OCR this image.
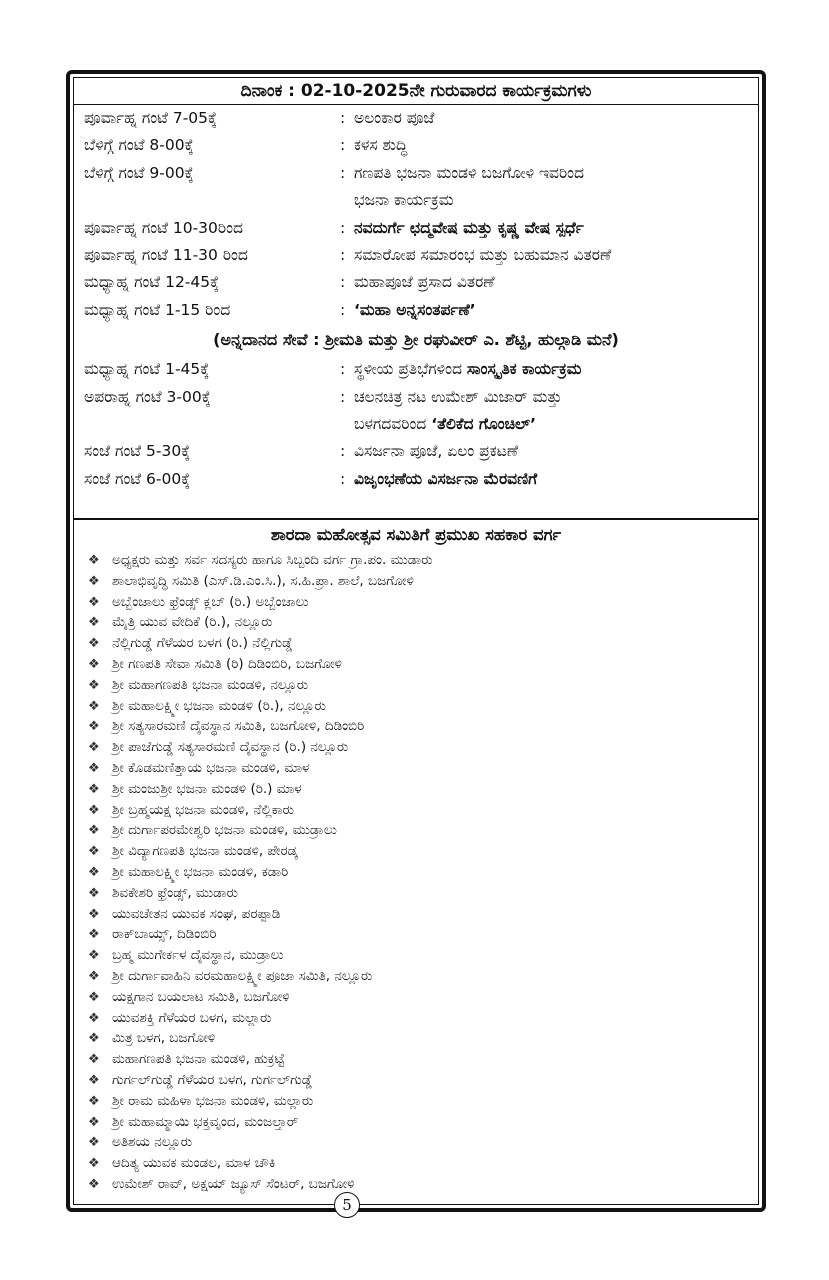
ದಿನಾಂಕ : 02-10-2025ನೇ ಗುರುವಾರದ ಕಾರ್ಯಕ್ರಮಗಳು
ಪೂರ್ವಾಹ್ನ ಗಂಟೆ 7-05ಕ್ಕೆ	: ಅಲಂಕಾರ ಪೂಜೆ
ಬೆಳಿಗ್ಗೆ ಗಂಟೆ 8-00ಕ್ಕೆ	: ಕಳಸ ಶುದ್ಧಿ
ಬೆಳಿಗ್ಗೆ ಗಂಟೆ 9-00ಕ್ಕೆ	: ಗಣಪತಿ ಭಜನಾ ಮಂಡಳಿ ಬಜಗೋಳಿ ಇವರಿಂದ
ಭಜನಾ ಕಾರ್ಯಕ್ರಮ
ಪೂರ್ವಾಹ್ನ ಗಂಟೆ 10-30ರಿಂದ	: ನವದುರ್ಗೆ ಛದ್ಮವೇಷ ಮತ್ತು ಕೃಷ್ಣ ವೇಷ ಸ್ಪರ್ಧೆ
ಪೂರ್ವಾಹ್ನ ಗಂಟೆ 11-30 ರಿಂದ	: ಸಮಾರೋಪ ಸಮಾರಂಭ ಮತ್ತು ಬಹುಮಾನ ವಿತರಣೆ
ಮಧ್ಯಾಹ್ನ ಗಂಟೆ 12-45ಕ್ಕೆ	: ಮಹಾಪೂಜೆ ಪ್ರಸಾದ ವಿತರಣೆ
ಮಧ್ಯಾಹ್ನ ಗಂಟೆ 1-15 ರಿಂದ	: ‘ಮಹಾ ಅನ್ನಸಂತರ್ಪಣೆ’
(ಅನ್ನದಾನದ ಸೇವೆ : ಶ್ರೀಮತಿ ಮತ್ತು ಶ್ರೀ ರಘುವೀರ್ ಎ. ಶೆಟ್ಟಿ, ಹುಲ್ಗಾಡಿ ಮನೆ)
ಮಧ್ಯಾಹ್ನ ಗಂಟೆ 1-45ಕ್ಕೆ	: ಸ್ಥಳೀಯ ಪ್ರತಿಭೆಗಳಿಂದ ಸಾಂಸ್ಕೃತಿಕ ಕಾರ್ಯಕ್ರಮ
ಅಪರಾಹ್ನ ಗಂಟೆ 3-00ಕ್ಕೆ	: ಚಲನಚಿತ್ರ ನಟ ಉಮೇಶ್ ಮಿಜಾರ್ ಮತ್ತು
ಬಳಗದವರಿಂದ ‘ತೆಲಿಕೆದ ಗೊಂಚಿಲ್’
ಸಂಜೆ ಗಂಟೆ 5-30ಕ್ಕೆ	: ವಿಸರ್ಜನಾ ಪೂಜೆ, ಏಲಂ ಪ್ರಕಟಣೆ
ಸಂಜೆ ಗಂಟೆ 6-00ಕ್ಕೆ	: ವಿಜೃಂಭಣೆಯ ವಿಸರ್ಜನಾ ಮೆರವಣಿಗೆ
ಶಾರದಾ ಮಹೋತ್ಸವ ಸಮಿತಿಗೆ ಪ್ರಮುಖ ಸಹಕಾರ ವರ್ಗ
❖ ಅಧ್ಯಕ್ಷರು ಮತ್ತು ಸರ್ವ ಸದಸ್ಯರು ಹಾಗೂ ಸಿಬ್ಬಂದಿ ವರ್ಗ ಗ್ರಾ.ಪಂ. ಮುಡಾರು
❖ ಶಾಲಾಭಿವೃದ್ಧಿ ಸಮಿತಿ (ಎಸ್.ಡಿ.ಎಂ.ಸಿ.), ಸ.ಹಿ.ಪ್ರಾ. ಶಾಲೆ, ಬಜಗೋಳಿ
❖ ಅಬ್ಬೆಂಜಾಲು ಫ್ರೆಂಡ್ಸ್ ಕ್ಲಬ್ (ರಿ.) ಅಬ್ಬೆಂಜಾಲು
❖ ಮೈತ್ರಿ ಯುವ ವೇದಿಕೆ (ರಿ.), ನಲ್ಲೂರು
❖ ನೆಲ್ಲಿಗುಡ್ಡೆ ಗೆಳೆಯರ ಬಳಗ (ರಿ.) ನೆಲ್ಲಿಗುಡ್ಡೆ
❖ ಶ್ರೀ ಗಣಪತಿ ಸೇವಾ ಸಮಿತಿ (ರಿ) ದಿಡಿಂಬಿರಿ, ಬಜಗೋಳಿ
❖ ಶ್ರೀ ಮಹಾಗಣಪತಿ ಭಜನಾ ಮಂಡಳಿ, ನಲ್ಲೂರು
❖ ಶ್ರೀ ಮಹಾಲಕ್ಷ್ಮೀ ಭಜನಾ ಮಂಡಳಿ (ರಿ.), ನಲ್ಲೂರು
❖ ಶ್ರೀ ಸತ್ಯಸಾರಮಣಿ ದೈವಸ್ಥಾನ ಸಮಿತಿ, ಬಜಗೋಳಿ, ದಿಡಿಂಬಿರಿ
❖ ಶ್ರೀ ಪಾಜೆಗುಡ್ಡೆ ಸತ್ಯಸಾರಮಣಿ ದೈವಸ್ಥಾನ (ರಿ.) ನಲ್ಲೂರು
❖ ಶ್ರೀ ಕೊಡಮಣಿತ್ತಾಯ ಭಜನಾ ಮಂಡಳಿ, ಮಾಳ
❖ ಶ್ರೀ ಮಂಜುಶ್ರೀ ಭಜನಾ ಮಂಡಳಿ (ರಿ.) ಮಾಳ
❖ ಶ್ರೀ ಬ್ರಹ್ಮಯಕ್ಷ ಭಜನಾ ಮಂಡಳಿ, ನೆಲ್ಲಿಕಾರು
❖ ಶ್ರೀ ದುರ್ಗಾಪರಮೇಶ್ವರಿ ಭಜನಾ ಮಂಡಳಿ, ಮುಡ್ರಾಲು
❖ ಶ್ರೀ ವಿದ್ಯಾಗಣಪತಿ ಭಜನಾ ಮಂಡಳಿ, ಪೇರಡ್ಕ
❖ ಶ್ರೀ ಮಹಾಲಕ್ಷ್ಮೀ ಭಜನಾ ಮಂಡಳಿ, ಕಡಾರಿ
❖ ಶಿವಕೇಶರಿ ಫ್ರೆಂಡ್ಸ್, ಮುಡಾರು
❖ ಯುವಚೇತನ ಯುವಕ ಸಂಘ, ಪರಪ್ಪಾಡಿ
❖ ರಾಕ್‌ಬಾಯ್ಸ್, ದಿಡಿಂಬಿರಿ
❖ ಬ್ರಹ್ಮ ಮುಗೇರ್ಕಳ ದೈವಸ್ಥಾನ, ಮುಡ್ರಾಲು
❖ ಶ್ರೀ ದುರ್ಗಾವಾಹಿನಿ ವರಮಹಾಲಕ್ಷ್ಮೀ ಪೂಜಾ ಸಮಿತಿ, ನಲ್ಲೂರು
❖ ಯಕ್ಷಗಾನ ಬಯಲಾಟ ಸಮಿತಿ, ಬಜಗೋಳಿ
❖ ಯುವಶಕ್ತಿ ಗೆಳೆಯರ ಬಳಗ, ಮಲ್ಲಾರು
❖ ಮಿತ್ರ ಬಳಗ, ಬಜಗೋಳಿ
❖ ಮಹಾಗಣಪತಿ ಭಜನಾ ಮಂಡಳಿ, ಹುಕ್ರಟ್ಟೆ
❖ ಗುರ್ಗಲ್‌ಗುಡ್ಡೆ ಗೆಳೆಯರ ಬಳಗ, ಗುರ್ಗಲ್‌ಗುಡ್ಡೆ
❖ ಶ್ರೀ ರಾಮ ಮಹಿಳಾ ಭಜನಾ ಮಂಡಳಿ, ಮಲ್ಲಾರು
❖ ಶ್ರೀ ಮಹಾಮ್ಮಾಯಿ ಭಕ್ತವೃಂದ, ಮಂಜಲ್ತಾರ್
❖ ಅತಿಶಯ ನಲ್ಲೂರು
❖ ಆದಿತ್ಯ ಯುವಕ ಮಂಡಲ, ಮಾಳ ಚೌಕಿ
❖ ಉಮೇಶ್ ರಾವ್, ಅಕ್ಷಯ್ ಜ್ಯೂಸ್ ಸೆಂಟರ್, ಬಜಗೋಳಿ
5
